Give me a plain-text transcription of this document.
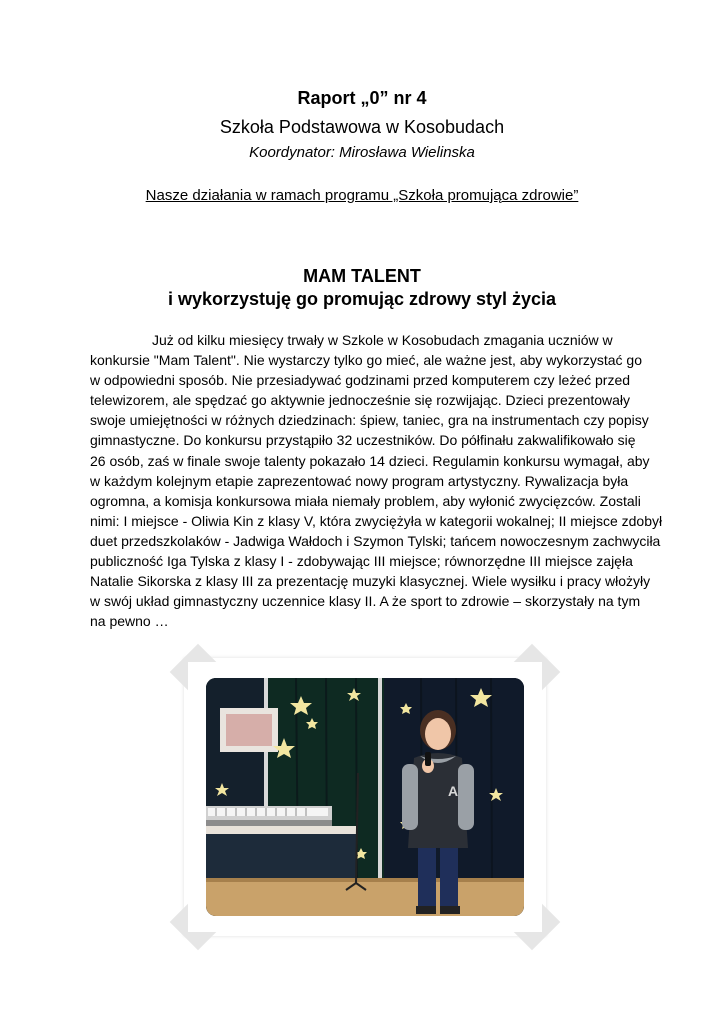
Raport „0” nr 4
Szkoła Podstawowa w Kosobudach
Koordynator: Mirosława Wielinska
Nasze działania w ramach programu „Szkoła promująca zdrowie”
MAM TALENT
i wykorzystuję go promując zdrowy styl życia

Już od kilku miesięcy trwały w Szkole w Kosobudach zmagania uczniów w
konkursie "Mam Talent". Nie wystarczy tylko go mieć, ale ważne jest, aby wykorzystać go
w odpowiedni sposób. Nie przesiadywać godzinami przed komputerem czy leżeć przed
telewizorem, ale spędzać go aktywnie jednocześnie się rozwijając. Dzieci prezentowały
swoje umiejętności w różnych dziedzinach: śpiew, taniec, gra na instrumentach czy popisy
gimnastyczne. Do konkursu przystąpiło 32 uczestników. Do półfinału zakwalifikowało się
26 osób, zaś w finale swoje talenty pokazało 14 dzieci. Regulamin konkursu wymagał, aby
w każdym kolejnym etapie zaprezentować nowy program artystyczny. Rywalizacja była
ogromna, a komisja konkursowa miała niemały problem, aby wyłonić zwycięzców. Zostali
nimi: I miejsce - Oliwia Kin z klasy V, która zwyciężyła w kategorii wokalnej; II miejsce zdobył
duet przedszkolaków - Jadwiga Wałdoch i Szymon Tylski; tańcem nowoczesnym zachwyciła
publiczność Iga Tylska z klasy I - zdobywając III miejsce; równorzędne III miejsce zajęła
Natalie Sikorska z klasy III za prezentację muzyki klasycznej. Wiele wysiłku i pracy włożyły
w swój układ gimnastyczny uczennice klasy II. A że sport to zdrowie – skorzystały na tym
na pewno …

A
